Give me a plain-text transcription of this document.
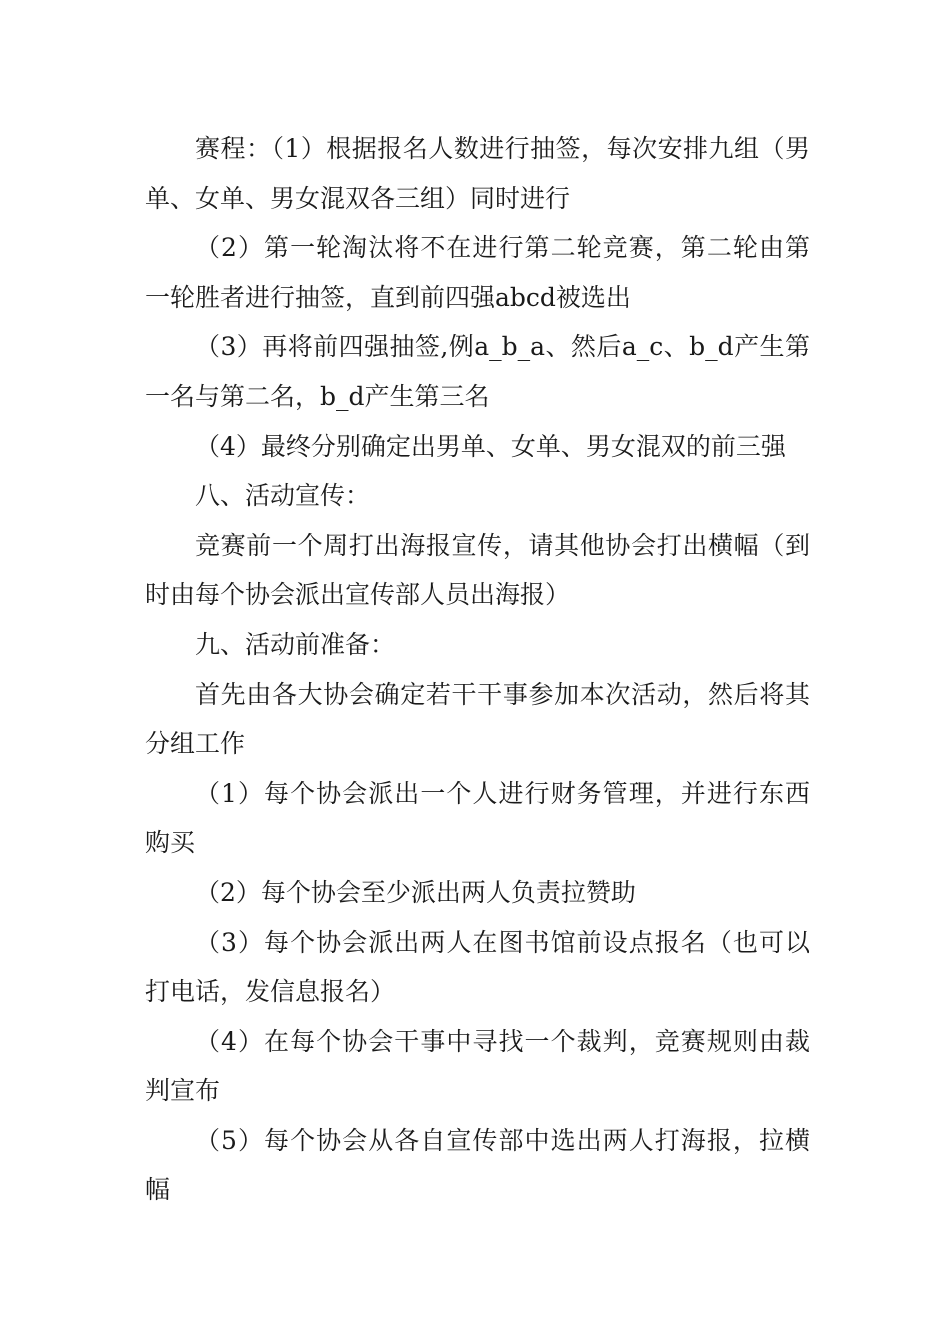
赛程：（1）根据报名人数进行抽签，每次安排九组（男单、女单、男女混双各三组）同时进行

（2）第一轮淘汰将不在进行第二轮竞赛，第二轮由第一轮胜者进行抽签，直到前四强abcd被选出

（3）再将前四强抽签,例a_b_a、然后a_c、b_d产生第一名与第二名，b_d产生第三名

（4）最终分别确定出男单、女单、男女混双的前三强

八、活动宣传：

竞赛前一个周打出海报宣传，请其他协会打出横幅（到时由每个协会派出宣传部人员出海报）

九、活动前准备：

首先由各大协会确定若干干事参加本次活动，然后将其分组工作

（1）每个协会派出一个人进行财务管理，并进行东西购买

（2）每个协会至少派出两人负责拉赞助

（3）每个协会派出两人在图书馆前设点报名（也可以打电话，发信息报名）

（4）在每个协会干事中寻找一个裁判，竞赛规则由裁判宣布

（5）每个协会从各自宣传部中选出两人打海报，拉横幅
